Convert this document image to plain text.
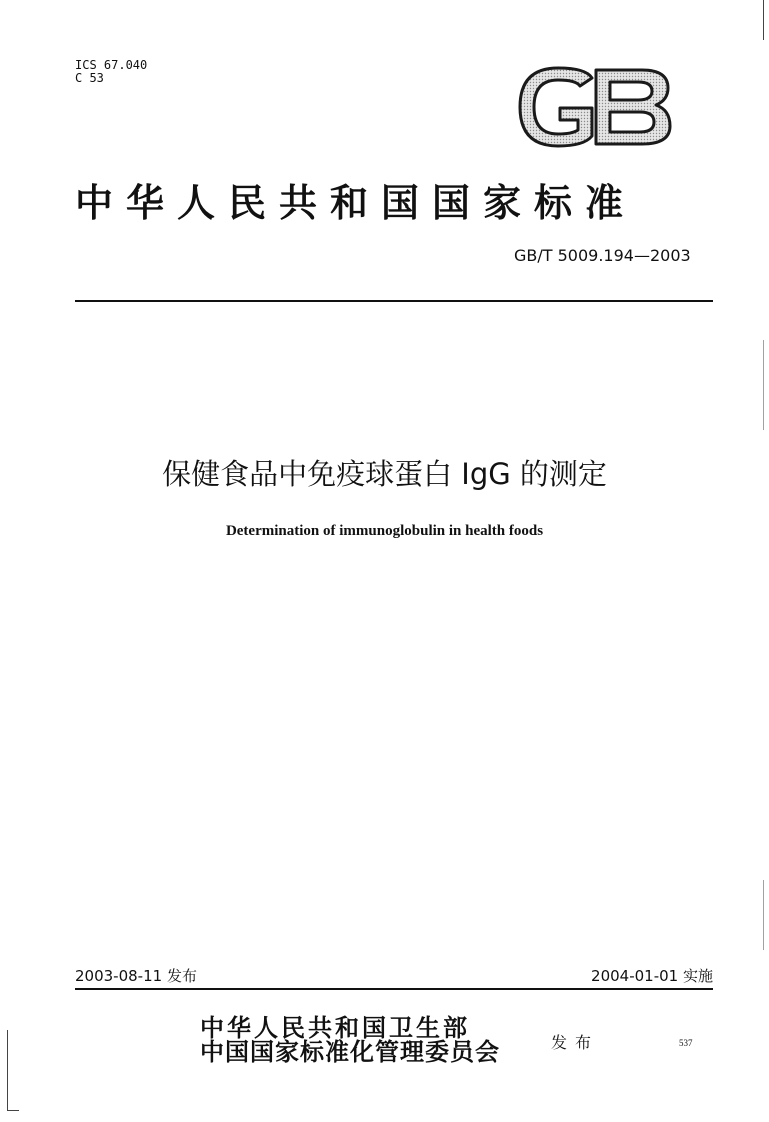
ICS 67.040
C 53
中华人民共和国国家标准
GB/T 5009.194—2003
保健食品中免疫球蛋白 IgG 的测定
Determination of immunoglobulin in health foods
2003-08-11 发布	2004-01-01 实施
中华人民共和国卫生部
中国国家标准化管理委员会	发布	537
